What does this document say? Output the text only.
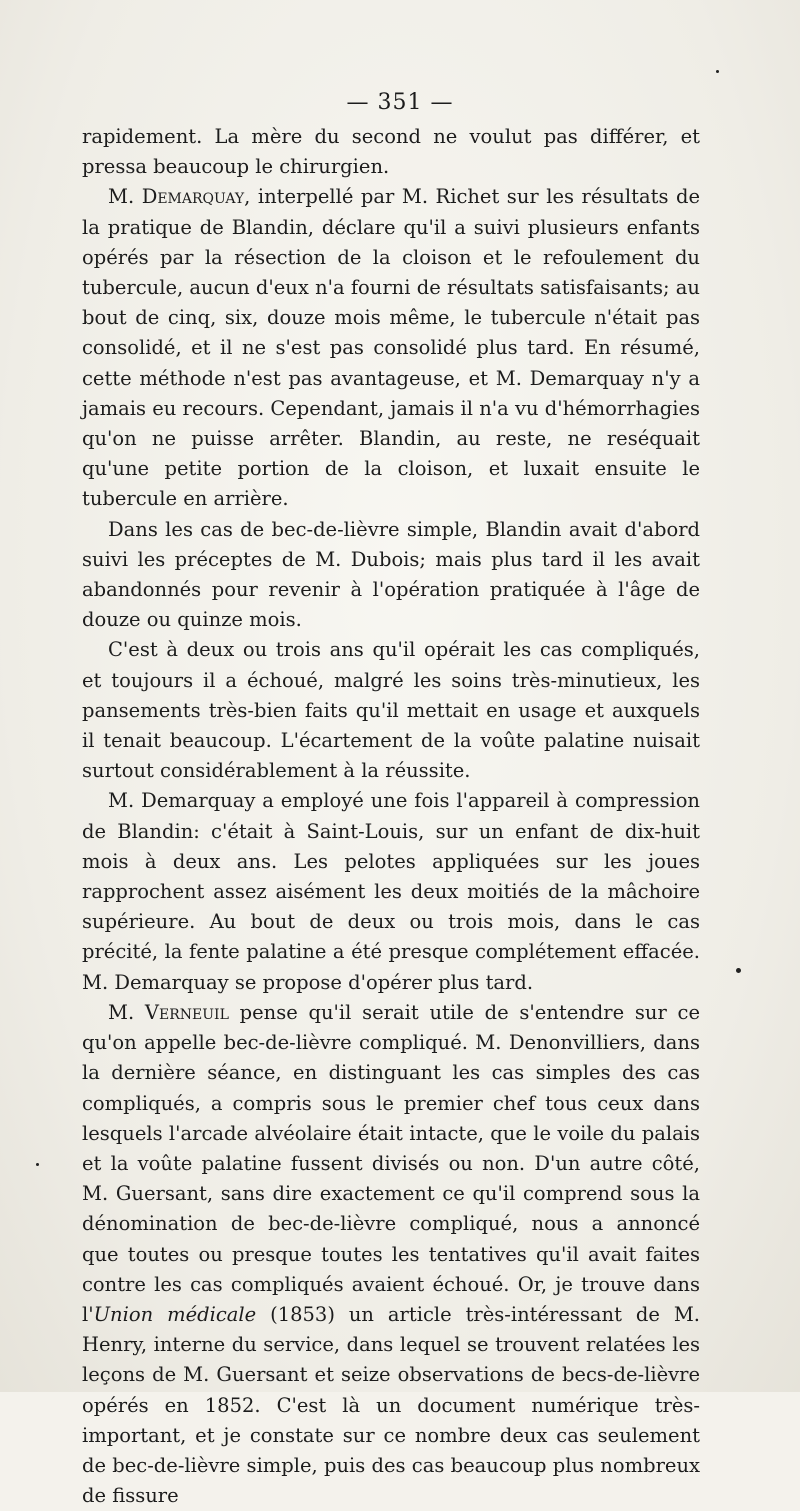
— 351 —

rapidement. La mère du second ne voulut pas différer, et pressa beaucoup le chirurgien.

M. Demarquay, interpellé par M. Richet sur les résultats de la pratique de Blandin, déclare qu'il a suivi plusieurs enfants opérés par la résection de la cloison et le refoulement du tubercule, aucun d'eux n'a fourni de résultats satisfaisants; au bout de cinq, six, douze mois même, le tubercule n'était pas consolidé, et il ne s'est pas consolidé plus tard. En résumé, cette méthode n'est pas avantageuse, et M. Demarquay n'y a jamais eu recours. Cependant, jamais il n'a vu d'hémorrhagies qu'on ne puisse arrêter. Blandin, au reste, ne reséquait qu'une petite portion de la cloison, et luxait ensuite le tubercule en arrière.

Dans les cas de bec-de-lièvre simple, Blandin avait d'abord suivi les préceptes de M. Dubois; mais plus tard il les avait abandonnés pour revenir à l'opération pratiquée à l'âge de douze ou quinze mois.

C'est à deux ou trois ans qu'il opérait les cas compliqués, et toujours il a échoué, malgré les soins très-minutieux, les pansements très-bien faits qu'il mettait en usage et auxquels il tenait beaucoup. L'écartement de la voûte palatine nuisait surtout considérablement à la réussite.

M. Demarquay a employé une fois l'appareil à compression de Blandin: c'était à Saint-Louis, sur un enfant de dix-huit mois à deux ans. Les pelotes appliquées sur les joues rapprochent assez aisément les deux moitiés de la mâchoire supérieure. Au bout de deux ou trois mois, dans le cas précité, la fente palatine a été presque complétement effacée. M. Demarquay se propose d'opérer plus tard.

M. Verneuil pense qu'il serait utile de s'entendre sur ce qu'on appelle bec-de-lièvre compliqué. M. Denonvilliers, dans la dernière séance, en distinguant les cas simples des cas compliqués, a compris sous le premier chef tous ceux dans lesquels l'arcade alvéolaire était intacte, que le voile du palais et la voûte palatine fussent divisés ou non. D'un autre côté, M. Guersant, sans dire exactement ce qu'il comprend sous la dénomination de bec-de-lièvre compliqué, nous a annoncé que toutes ou presque toutes les tentatives qu'il avait faites contre les cas compliqués avaient échoué. Or, je trouve dans l'Union médicale (1853) un article très-intéressant de M. Henry, interne du service, dans lequel se trouvent relatées les leçons de M. Guersant et seize observations de becs-de-lièvre opérés en 1852. C'est là un document numérique très-important, et je constate sur ce nombre deux cas seulement de bec-de-lièvre simple, puis des cas beaucoup plus nombreux de fissure
